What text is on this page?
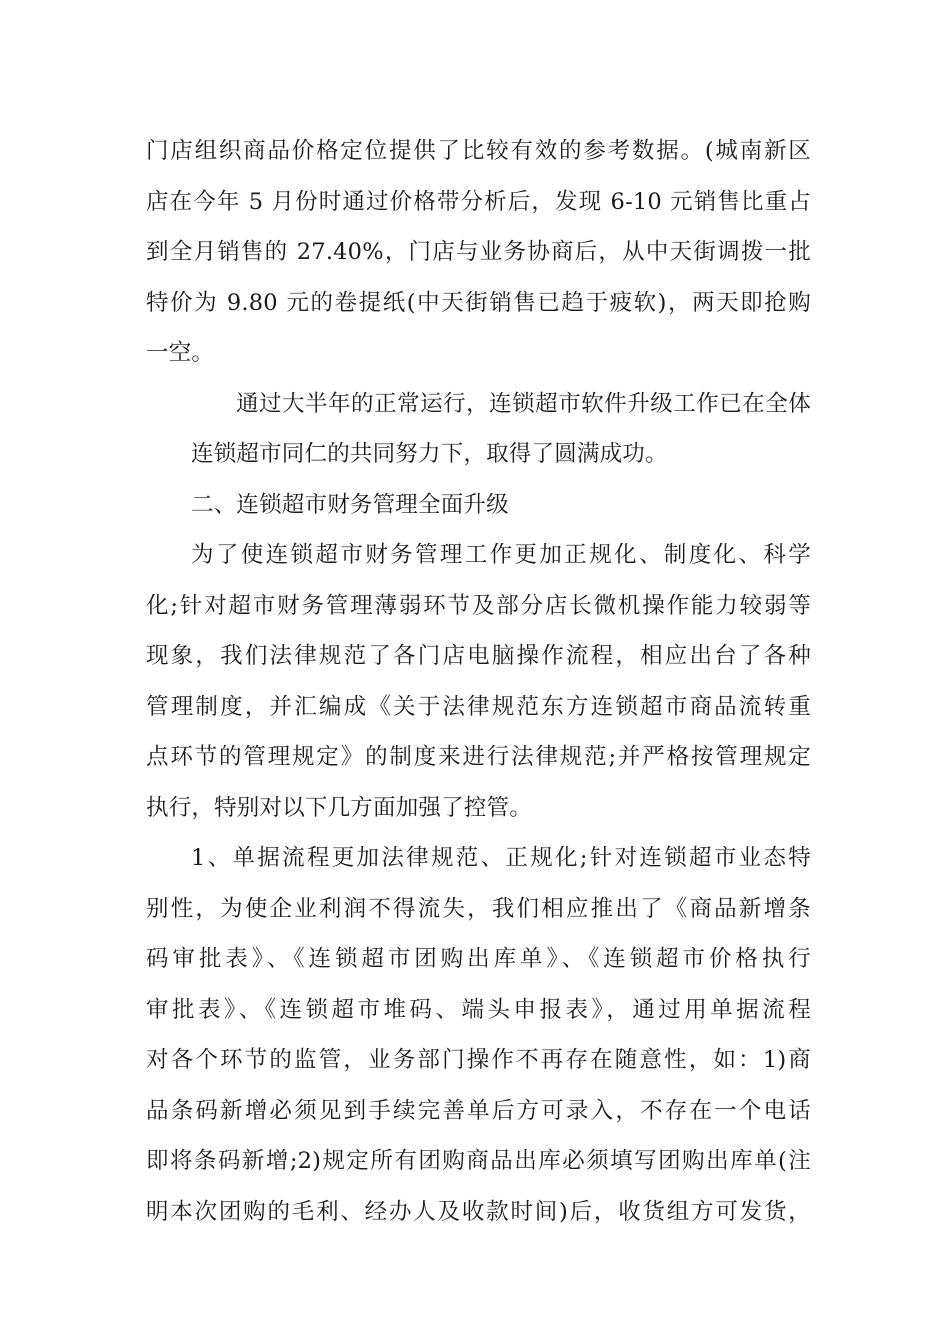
门店组织商品价格定位提供了比较有效的参考数据。(城南新区
店在今年 5 月份时通过价格带分析后，发现 6-10 元销售比重占
到全月销售的 27.40%，门店与业务协商后，从中天街调拨一批
特价为 9.80 元的卷提纸(中天街销售已趋于疲软)，两天即抢购
一空。
通过大半年的正常运行，连锁超市软件升级工作已在全体
连锁超市同仁的共同努力下，取得了圆满成功。
二、连锁超市财务管理全面升级
为了使连锁超市财务管理工作更加正规化、制度化、科学
化;针对超市财务管理薄弱环节及部分店长微机操作能力较弱等
现象，我们法律规范了各门店电脑操作流程，相应出台了各种
管理制度，并汇编成《关于法律规范东方连锁超市商品流转重
点环节的管理规定》的制度来进行法律规范;并严格按管理规定
执行，特别对以下几方面加强了控管。
1、单据流程更加法律规范、正规化;针对连锁超市业态特
别性，为使企业利润不得流失，我们相应推出了《商品新增条
码审批表》、《连锁超市团购出库单》、《连锁超市价格执行
审批表》、《连锁超市堆码、端头申报表》，通过用单据流程
对各个环节的监管，业务部门操作不再存在随意性，如：1)商
品条码新增必须见到手续完善单后方可录入，不存在一个电话
即将条码新增;2)规定所有团购商品出库必须填写团购出库单(注
明本次团购的毛利、经办人及收款时间)后，收货组方可发货，
